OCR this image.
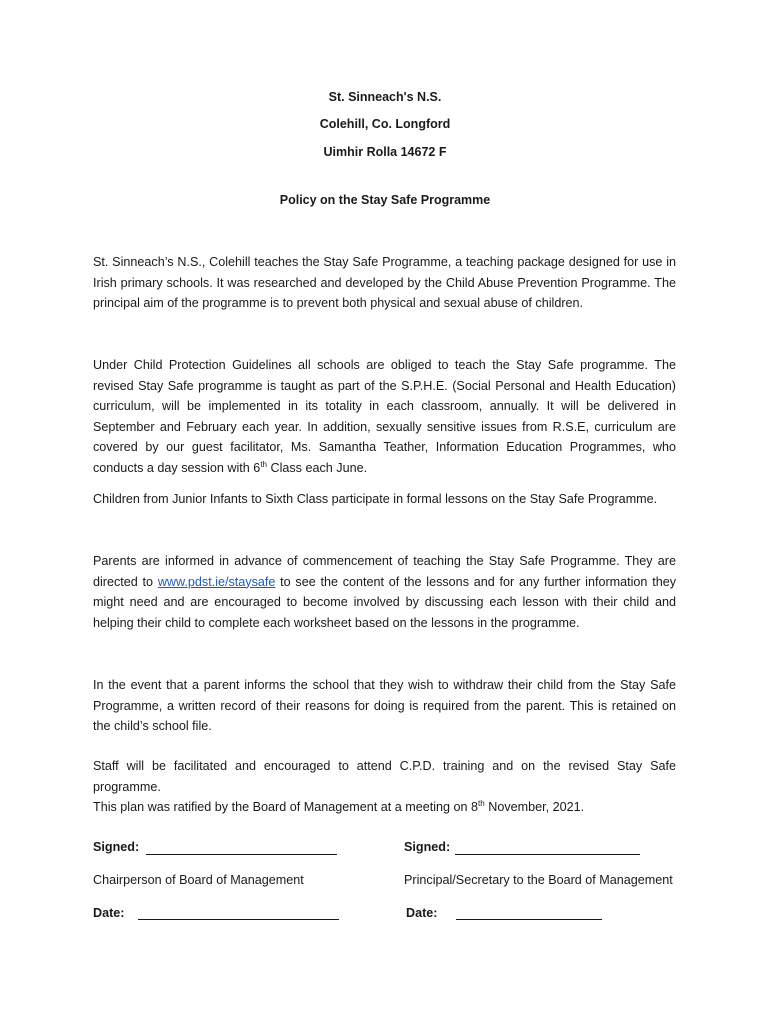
St. Sinneach's N.S.
Colehill, Co. Longford
Uimhir Rolla 14672 F
Policy on the Stay Safe Programme

St. Sinneach’s N.S., Colehill teaches the Stay Safe Programme, a teaching package designed for use in Irish primary schools. It was researched and developed by the Child Abuse Prevention Programme. The principal aim of the programme is to prevent both physical and sexual abuse of children.

Under Child Protection Guidelines all schools are obliged to teach the Stay Safe programme. The revised Stay Safe programme is taught as part of the S.P.H.E. (Social Personal and Health Education) curriculum, will be implemented in its totality in each classroom, annually. It will be delivered in September and February each year. In addition, sexually sensitive issues from R.S.E, curriculum are covered by our guest facilitator, Ms. Samantha Teather, Information Education Programmes, who conducts a day session with 6th Class each June.

Children from Junior Infants to Sixth Class participate in formal lessons on the Stay Safe Programme.

Parents are informed in advance of commencement of teaching the Stay Safe Programme. They are directed to www.pdst.ie/staysafe to see the content of the lessons and for any further information they might need and are encouraged to become involved by discussing each lesson with their child and helping their child to complete each worksheet based on the lessons in the programme.

In the event that a parent informs the school that they wish to withdraw their child from the Stay Safe Programme, a written record of their reasons for doing is required from the parent. This is retained on the child’s school file.

Staff will be facilitated and encouraged to attend C.P.D. training and on the revised Stay Safe programme.
This plan was ratified by the Board of Management at a meeting on 8th November, 2021.

Signed:	Signed:
Chairperson of Board of Management	Principal/Secretary to the Board of Management
Date:	Date:
